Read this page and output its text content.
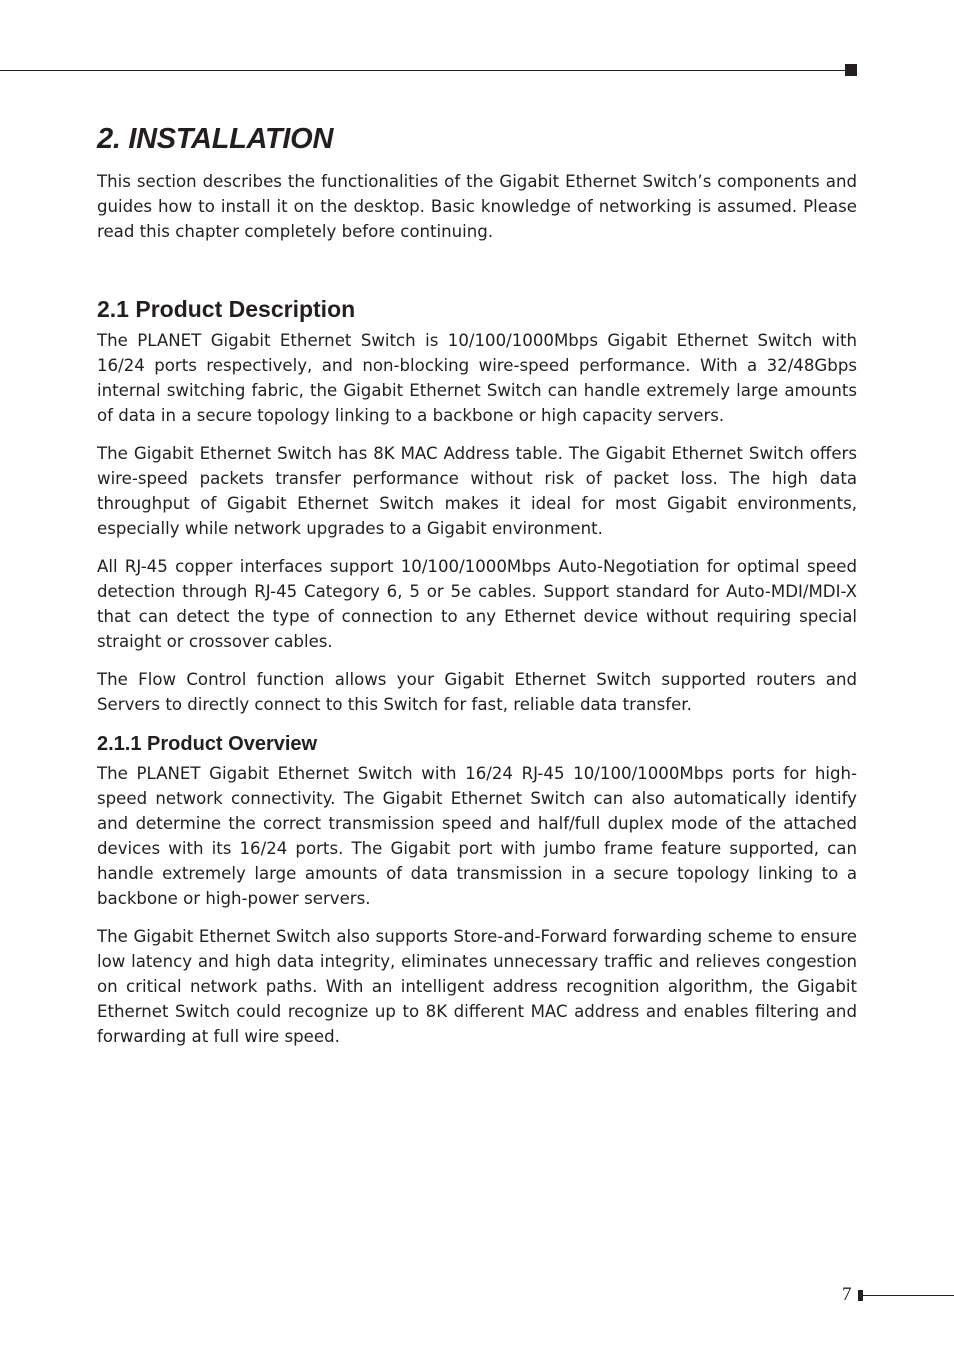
2. INSTALLATION

This section describes the functionalities of the Gigabit Ethernet Switch’s components and guides how to install it on the desktop. Basic knowledge of networking is assumed. Please read this chapter completely before continuing.

2.1 Product Description

The PLANET Gigabit Ethernet Switch is 10/100/1000Mbps Gigabit Ethernet Switch with 16/24 ports respectively, and non-blocking wire-speed performance. With a 32/48Gbps internal switching fabric, the Gigabit Ethernet Switch can handle extremely large amounts of data in a secure topology linking to a backbone or high capacity servers.

The Gigabit Ethernet Switch has 8K MAC Address table. The Gigabit Ethernet Switch offers wire-speed packets transfer performance without risk of packet loss. The high data throughput of Gigabit Ethernet Switch makes it ideal for most Gigabit environments, especially while network upgrades to a Gigabit environment.

All RJ-45 copper interfaces support 10/100/1000Mbps Auto-Negotiation for optimal speed detection through RJ-45 Category 6, 5 or 5e cables. Support standard for Auto-MDI/MDI-X that can detect the type of connection to any Ethernet device without requiring special straight or crossover cables.

The Flow Control function allows your Gigabit Ethernet Switch supported routers and Servers to directly connect to this Switch for fast, reliable data transfer.

2.1.1 Product Overview

The PLANET Gigabit Ethernet Switch with 16/24 RJ-45 10/100/1000Mbps ports for high-speed network connectivity. The Gigabit Ethernet Switch can also automatically identify and determine the correct transmission speed and half/full duplex mode of the attached devices with its 16/24 ports. The Gigabit port with jumbo frame feature supported, can handle extremely large amounts of data transmission in a secure topology linking to a backbone or high-power servers.

The Gigabit Ethernet Switch also supports Store-and-Forward forwarding scheme to ensure low latency and high data integrity, eliminates unnecessary traffic and relieves congestion on critical network paths. With an intelligent address recognition algorithm, the Gigabit Ethernet Switch could recognize up to 8K different MAC address and enables filtering and forwarding at full wire speed.

7
